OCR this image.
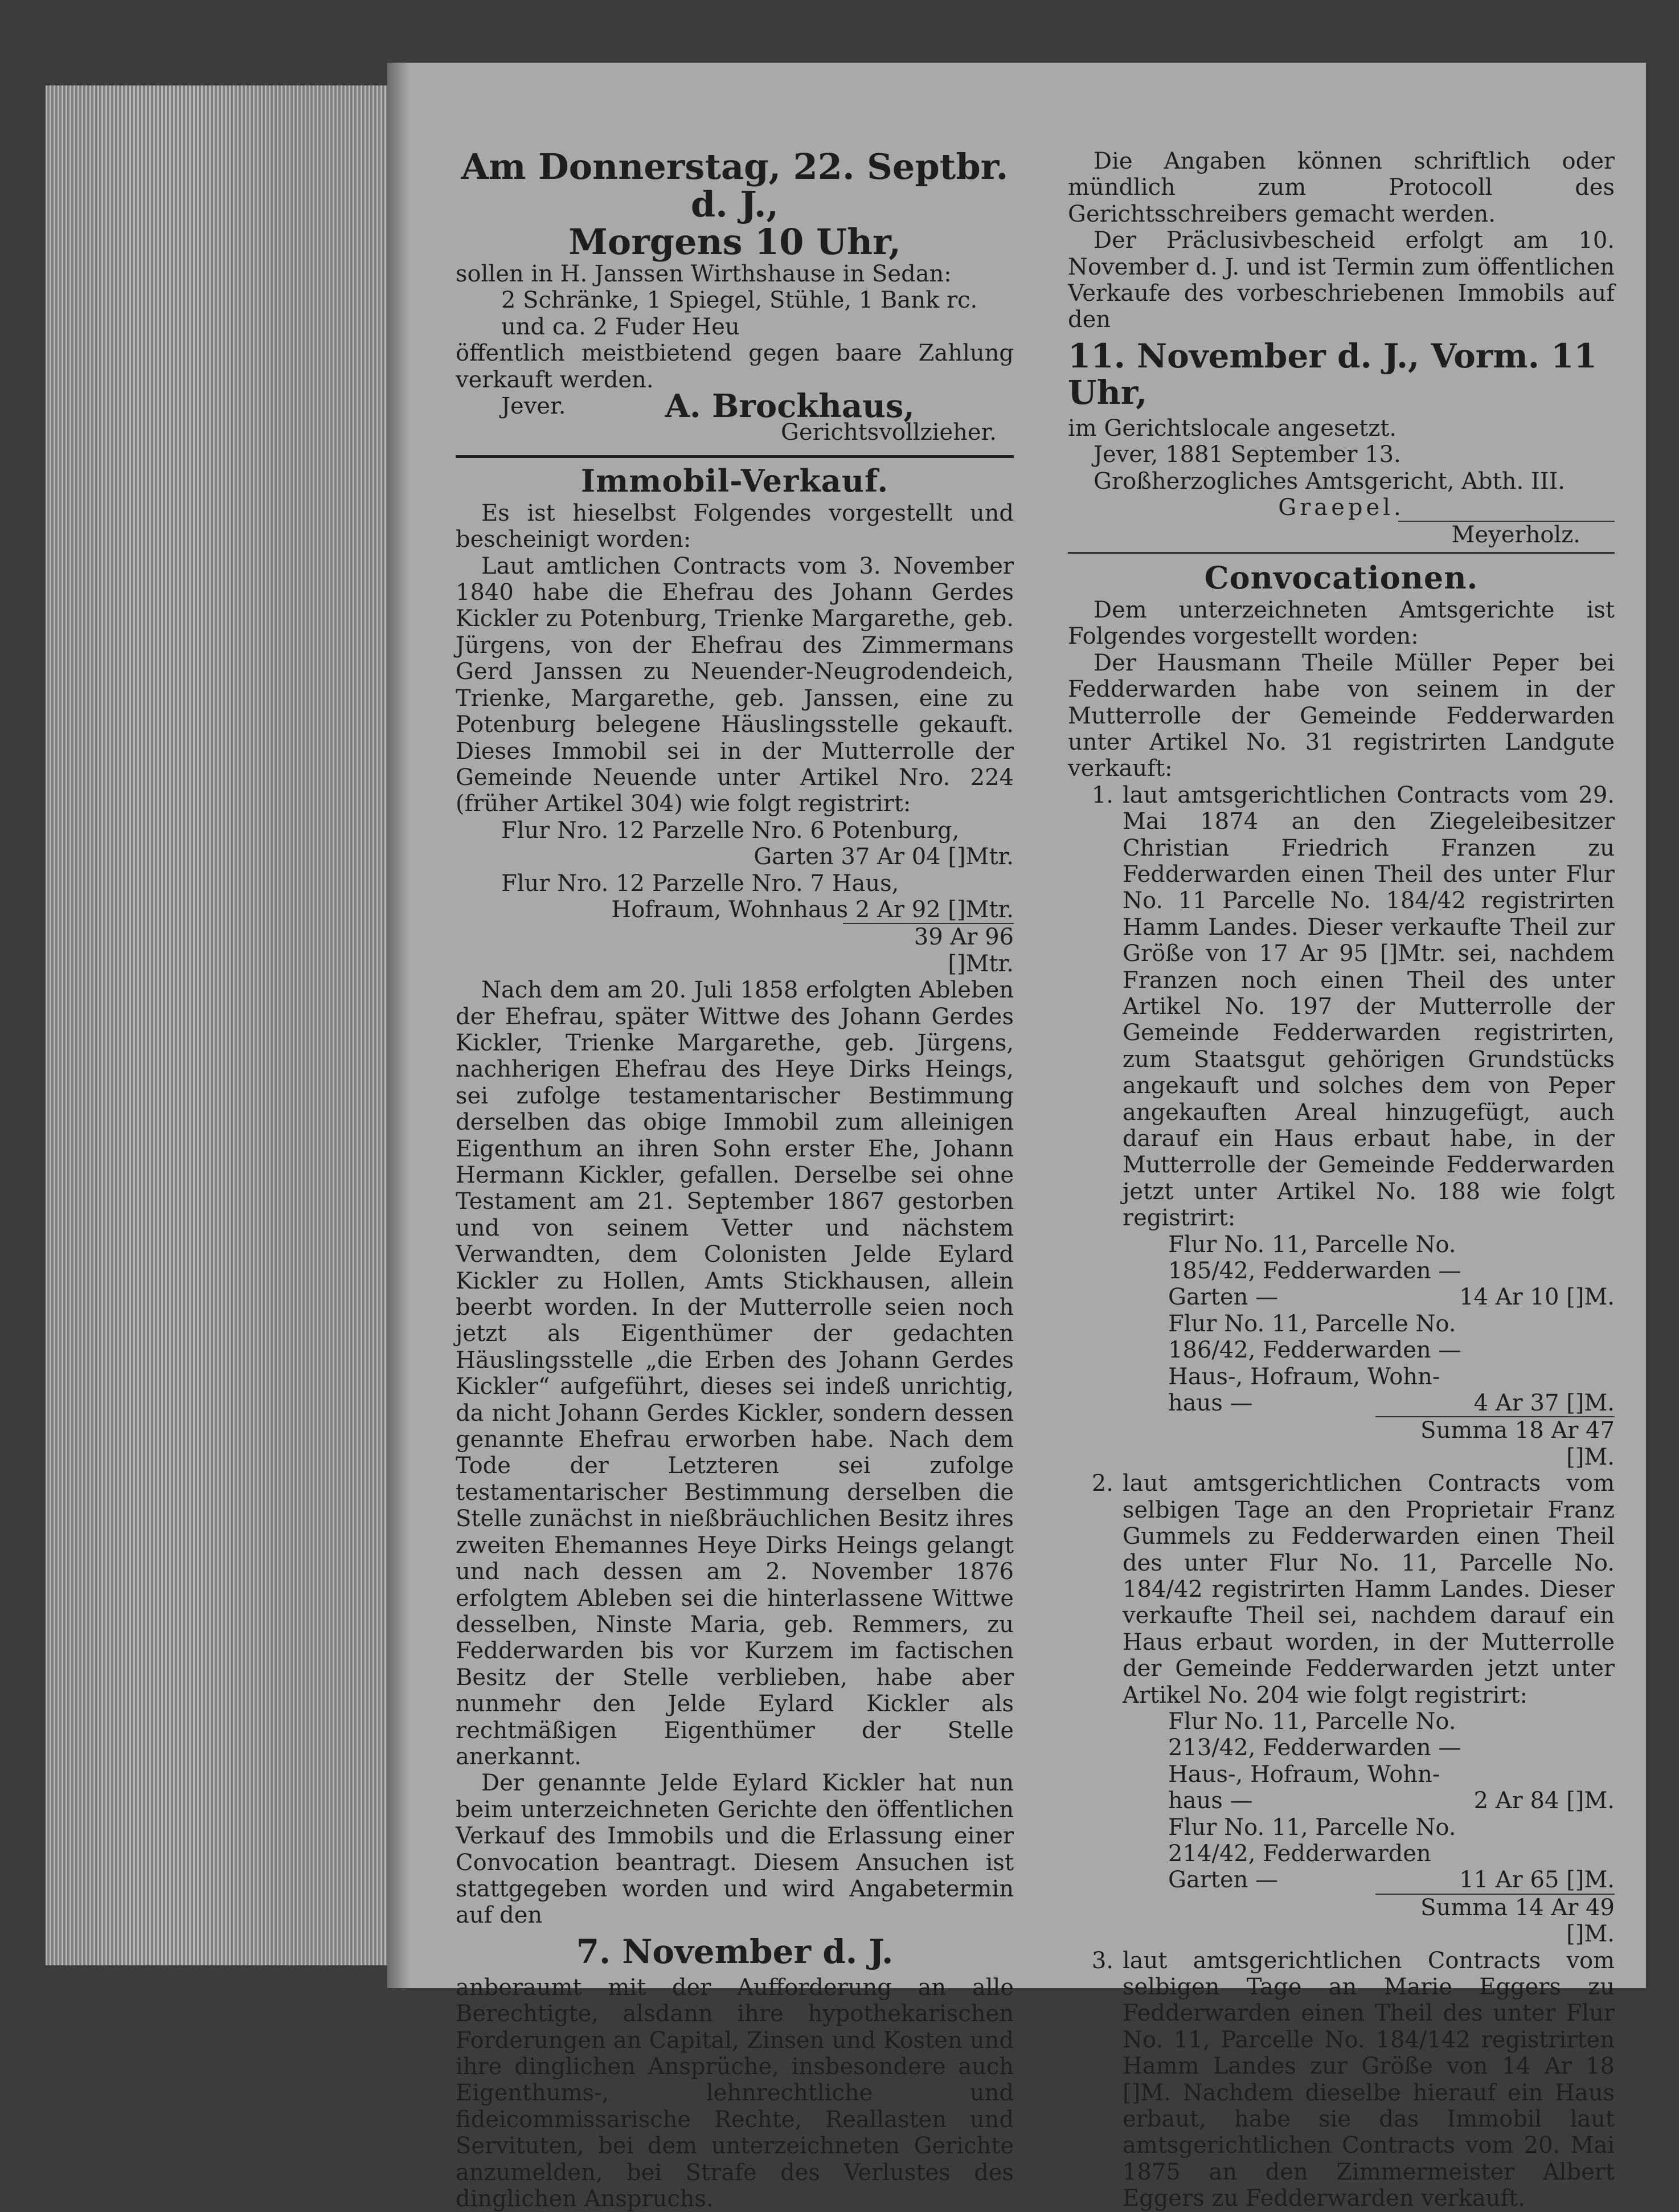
Am Donnerstag, 22. Septbr. d. J.,

Morgens 10 Uhr,

sollen in H. Janssen Wirthshause in Sedan:

2 Schränke, 1 Spiegel, Stühle, 1 Bank rc.

und ca. 2 Fuder Heu

öffentlich meistbietend gegen baare Zahlung verkauft werden.

Jever.	A. Brockhaus,

Gerichtsvollzieher.

Immobil-Verkauf.

Es ist hieselbst Folgendes vorgestellt und bescheinigt worden:

Laut amtlichen Contracts vom 3. November 1840 habe die Ehefrau des Johann Gerdes Kickler zu Potenburg, Trienke Margarethe, geb. Jürgens, von der Ehefrau des Zimmermans Gerd Janssen zu Neuender-Neugrodendeich, Trienke, Margarethe, geb. Janssen, eine zu Potenburg belegene Häuslingsstelle gekauft. Dieses Immobil sei in der Mutterrolle der Gemeinde Neuende unter Artikel Nro. 224 (früher Artikel 304) wie folgt registrirt:

Flur Nro. 12 Parzelle Nro. 6 Potenburg,

Garten 37 Ar 04 []Mtr.

Flur Nro. 12 Parzelle Nro. 7 Haus,

Hofraum, Wohnhaus 2 Ar 92 []Mtr.

39 Ar 96 []Mtr.

Nach dem am 20. Juli 1858 erfolgten Ableben der Ehefrau, später Wittwe des Johann Gerdes Kickler, Trienke Margarethe, geb. Jürgens, nachherigen Ehefrau des Heye Dirks Heings, sei zufolge testamentarischer Bestimmung derselben das obige Immobil zum alleinigen Eigenthum an ihren Sohn erster Ehe, Johann Hermann Kickler, gefallen. Derselbe sei ohne Testament am 21. September 1867 gestorben und von seinem Vetter und nächstem Verwandten, dem Colonisten Jelde Eylard Kickler zu Hollen, Amts Stickhausen, allein beerbt worden. In der Mutterrolle seien noch jetzt als Eigenthümer der gedachten Häuslingsstelle „die Erben des Johann Gerdes Kickler“ aufgeführt, dieses sei indeß unrichtig, da nicht Johann Gerdes Kickler, sondern dessen genannte Ehefrau erworben habe. Nach dem Tode der Letzteren sei zufolge testamentarischer Bestimmung derselben die Stelle zunächst in nießbräuchlichen Besitz ihres zweiten Ehemannes Heye Dirks Heings gelangt und nach dessen am 2. November 1876 erfolgtem Ableben sei die hinterlassene Wittwe desselben, Ninste Maria, geb. Remmers, zu Fedderwarden bis vor Kurzem im factischen Besitz der Stelle verblieben, habe aber nunmehr den Jelde Eylard Kickler als rechtmäßigen Eigenthümer der Stelle anerkannt.

Der genannte Jelde Eylard Kickler hat nun beim unterzeichneten Gerichte den öffentlichen Verkauf des Immobils und die Erlassung einer Convocation beantragt. Diesem Ansuchen ist stattgegeben worden und wird Angabetermin auf den

7. November d. J.

anberaumt mit der Aufforderung an alle Berechtigte, alsdann ihre hypothekarischen Forderungen an Capital, Zinsen und Kosten und ihre dinglichen Ansprüche, insbesondere auch Eigenthums-, lehnrechtliche und fideicommissarische Rechte, Reallasten und Servituten, bei dem unterzeichneten Gerichte anzumelden, bei Strafe des Verlustes des dinglichen Anspruchs.

Die Angaben können schriftlich oder mündlich zum Protocoll des Gerichtsschreibers gemacht werden.

Der Präclusivbescheid erfolgt am 10. November d. J. und ist Termin zum öffentlichen Verkaufe des vorbeschriebenen Immobils auf den

11. November d. J., Vorm. 11 Uhr,

im Gerichtslocale angesetzt.

Jever, 1881 September 13.

Großherzogliches Amtsgericht, Abth. III.

Graepel.

Meyerholz.

Convocationen.

Dem unterzeichneten Amtsgerichte ist Folgendes vorgestellt worden:

Der Hausmann Theile Müller Peper bei Fedderwarden habe von seinem in der Mutterrolle der Gemeinde Fedderwarden unter Artikel No. 31 registrirten Landgute verkauft:

1. laut amtsgerichtlichen Contracts vom 29. Mai 1874 an den Ziegeleibesitzer Christian Friedrich Franzen zu Fedderwarden einen Theil des unter Flur No. 11 Parcelle No. 184/42 registrirten Hamm Landes. Dieser verkaufte Theil zur Größe von 17 Ar 95 []Mtr. sei, nachdem Franzen noch einen Theil des unter Artikel No. 197 der Mutterrolle der Gemeinde Fedderwarden registrirten, zum Staatsgut gehörigen Grundstücks angekauft und solches dem von Peper angekauften Areal hinzugefügt, auch darauf ein Haus erbaut habe, in der Mutterrolle der Gemeinde Fedderwarden jetzt unter Artikel No. 188 wie folgt registrirt:

Flur No. 11, Parcelle No.

185/42, Fedderwarden —

Garten —	14 Ar 10 []M.

Flur No. 11, Parcelle No.

186/42, Fedderwarden —

Haus-, Hofraum, Wohn-

haus —	4 Ar 37 []M.

Summa 18 Ar 47 []M.

2. laut amtsgerichtlichen Contracts vom selbigen Tage an den Proprietair Franz Gummels zu Fedderwarden einen Theil des unter Flur No. 11, Parcelle No. 184/42 registrirten Hamm Landes. Dieser verkaufte Theil sei, nachdem darauf ein Haus erbaut worden, in der Mutterrolle der Gemeinde Fedderwarden jetzt unter Artikel No. 204 wie folgt registrirt:

Flur No. 11, Parcelle No.

213/42, Fedderwarden —

Haus-, Hofraum, Wohn-

haus —	2 Ar 84 []M.

Flur No. 11, Parcelle No.

214/42, Fedderwarden

Garten —	11 Ar 65 []M.

Summa 14 Ar 49 []M.

3. laut amtsgerichtlichen Contracts vom selbigen Tage an Marie Eggers zu Fedderwarden einen Theil des unter Flur No. 11, Parcelle No. 184/142 registrirten Hamm Landes zur Größe von 14 Ar 18 []M. Nachdem dieselbe hierauf ein Haus erbaut, habe sie das Immobil laut amtsgerichtlichen Contracts vom 20. Mai 1875 an den Zimmermeister Albert Eggers zu Fedderwarden verkauft.
